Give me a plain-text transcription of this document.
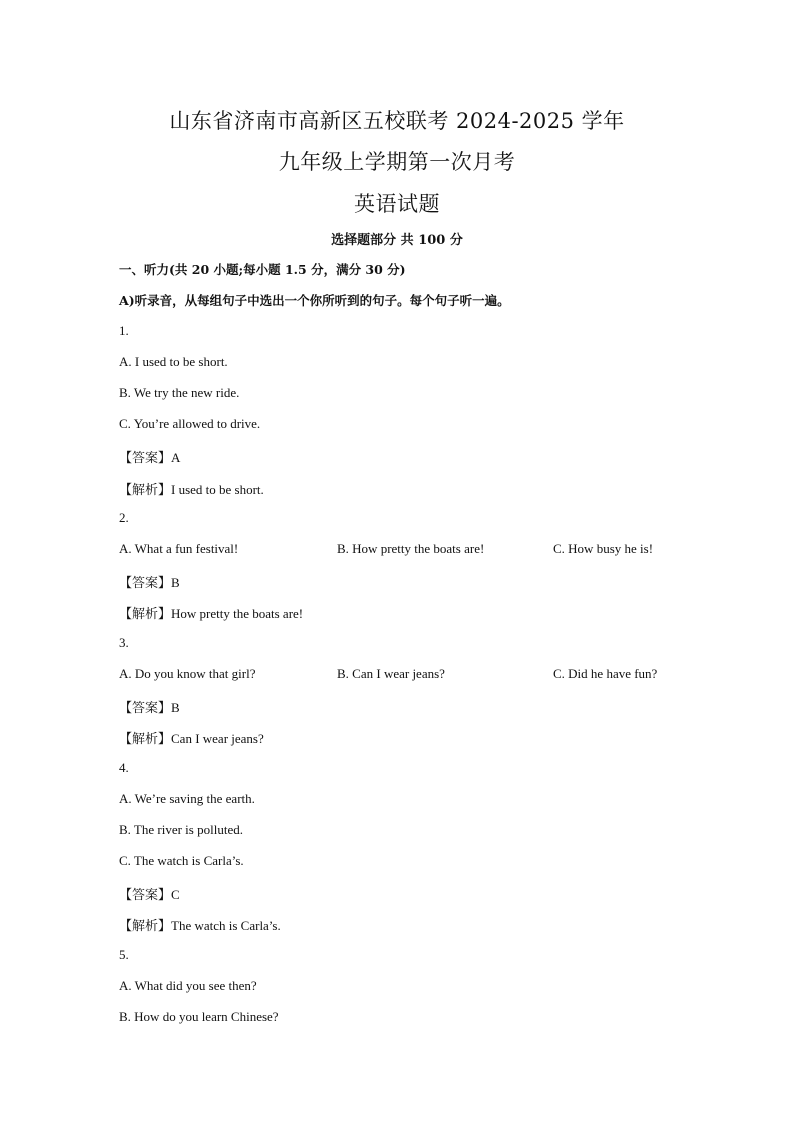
山东省济南市高新区五校联考 2024-2025 学年
九年级上学期第一次月考
英语试题
选择题部分 共 100 分
一、听力(共 20 小题;每小题 1.5 分，满分 30 分)
A)听录音，从每组句子中选出一个你所听到的句子。每个句子听一遍。
1.
A. I used to be short.
B. We try the new ride.
C. You’re allowed to drive.
【答案】A
【解析】I used to be short.
2.
A. What a fun festival!	B. How pretty the boats are!	C. How busy he is!
【答案】B
【解析】How pretty the boats are!
3.
A. Do you know that girl?	B. Can I wear jeans?	C. Did he have fun?
【答案】B
【解析】Can I wear jeans?
4.
A. We’re saving the earth.
B. The river is polluted.
C. The watch is Carla’s.
【答案】C
【解析】The watch is Carla’s.
5.
A. What did you see then?
B. How do you learn Chinese?
